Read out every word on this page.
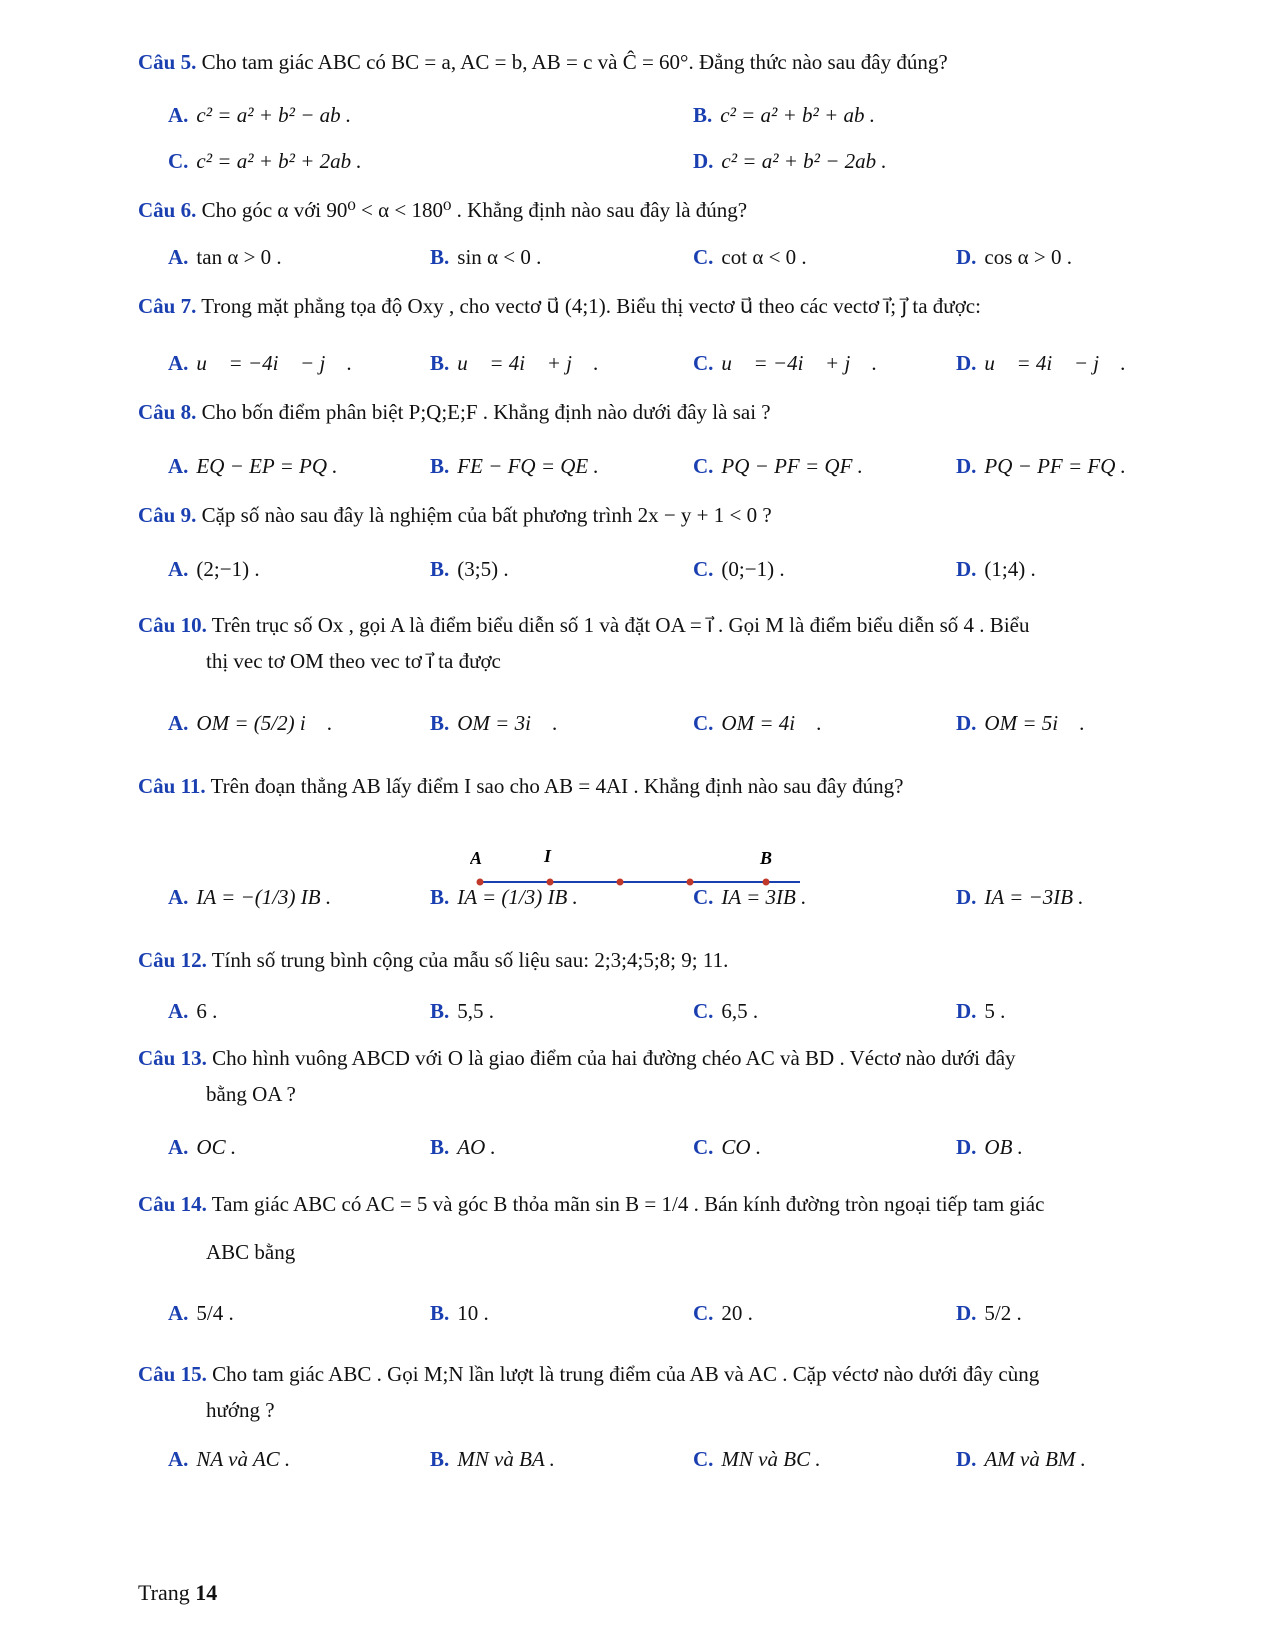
Câu 5. Cho tam giác ABC có BC = a, AC = b, AB = c và Ĉ = 60°. Đẳng thức nào sau đây đúng?
A. c² = a² + b² − ab .	B. c² = a² + b² + ab .
C. c² = a² + b² + 2ab .	D. c² = a² + b² − 2ab .
Câu 6. Cho góc α với 90⁰ < α < 180⁰ . Khẳng định nào sau đây là đúng?
A. tan α > 0 .	B. sin α < 0 .	C. cot α < 0 .	D. cos α > 0 .
Câu 7. Trong mặt phẳng tọa độ Oxy , cho vectơ u⃗ (4;1). Biểu thị vectơ u⃗ theo các vectơ i⃗; j⃗ ta được:
A. u⃗ = −4i⃗ − j⃗ .	B. u⃗ = 4i⃗ + j⃗ .	C. u⃗ = −4i⃗ + j⃗ .	D. u⃗ = 4i⃗ − j⃗ .
Câu 8. Cho bốn điểm phân biệt P;Q;E;F . Khẳng định nào dưới đây là sai ?
A. EQ − EP = PQ .	B. FE − FQ = QE .	C. PQ − PF = QF .	D. PQ − PF = FQ .
Câu 9. Cặp số nào sau đây là nghiệm của bất phương trình 2x − y + 1 < 0 ?
A. (2;−1) .	B. (3;5) .	C. (0;−1) .	D. (1;4) .
Câu 10. Trên trục số Ox , gọi A là điểm biểu diễn số 1 và đặt OA = i⃗ . Gọi M là điểm biểu diễn số 4 . Biểu
thị vec tơ OM theo vec tơ i⃗ ta được
A. OM = (5/2) i⃗ .	B. OM = 3i⃗ .	C. OM = 4i⃗ .	D. OM = 5i⃗ .
Câu 11. Trên đoạn thẳng AB lấy điểm I sao cho AB = 4AI . Khẳng định nào sau đây đúng?
A	I	B
A. IA = −(1/3) IB .	B. IA = (1/3) IB .	C. IA = 3IB .	D. IA = −3IB .
Câu 12. Tính số trung bình cộng của mẫu số liệu sau: 2;3;4;5;8; 9; 11.
A. 6 .	B. 5,5 .	C. 6,5 .	D. 5 .
Câu 13. Cho hình vuông ABCD với O là giao điểm của hai đường chéo AC và BD . Véctơ nào dưới đây
bằng OA ?
A. OC .	B. AO .	C. CO .	D. OB .
Câu 14. Tam giác ABC có AC = 5 và góc B thỏa mãn sin B = 1/4 . Bán kính đường tròn ngoại tiếp tam giác
ABC bằng
A. 5/4 .	B. 10 .	C. 20 .	D. 5/2 .
Câu 15. Cho tam giác ABC . Gọi M;N lần lượt là trung điểm của AB và AC . Cặp véctơ nào dưới đây cùng
hướng ?
A. NA và AC .	B. MN và BA .	C. MN và BC .	D. AM và BM .
Trang 14
